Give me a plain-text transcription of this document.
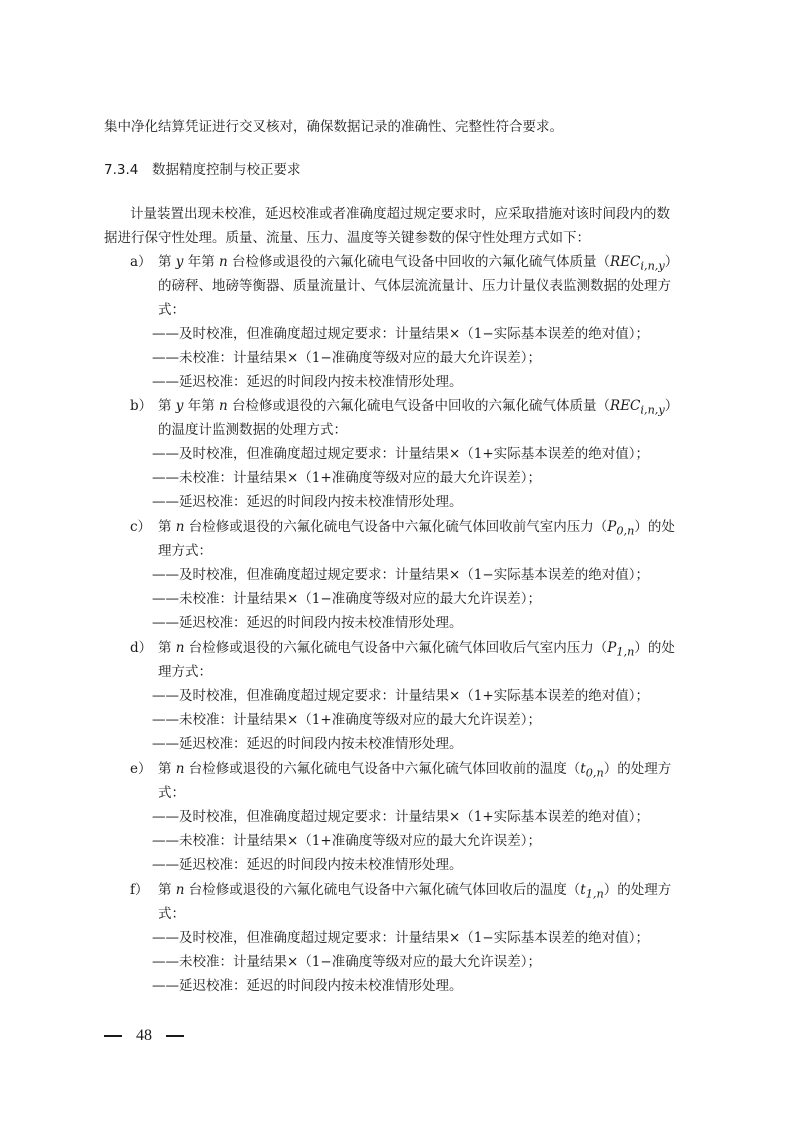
集中净化结算凭证进行交叉核对，确保数据记录的准确性、完整性符合要求。
7.3.4 数据精度控制与校正要求
计量装置出现未校准，延迟校准或者准确度超过规定要求时，应采取措施对该时间段内的数
据进行保守性处理。质量、流量、压力、温度等关键参数的保守性处理方式如下：
a） 第 y 年第 n 台检修或退役的六氟化硫电气设备中回收的六氟化硫气体质量$(REC_{i,n,y})$
的磅秤、地磅等衡器、质量流量计、气体层流流量计、压力计量仪表监测数据的处理方
式：
——及时校准，但准确度超过规定要求：计量结果×（1−实际基本误差的绝对值）；
——未校准：计量结果×（1−准确度等级对应的最大允许误差）；
——延迟校准：延迟的时间段内按未校准情形处理。
b） 第 y 年第 n 台检修或退役的六氟化硫电气设备中回收的六氟化硫气体质量$(REC_{i,n,y})$
的温度计监测数据的处理方式：
——及时校准，但准确度超过规定要求：计量结果×（1+实际基本误差的绝对值）；
——未校准：计量结果×（1+准确度等级对应的最大允许误差）；
——延迟校准：延迟的时间段内按未校准情形处理。
c） 第 n 台检修或退役的六氟化硫电气设备中六氟化硫气体回收前气室内压力$(P_{0,n})$的处
理方式：
——及时校准，但准确度超过规定要求：计量结果×（1−实际基本误差的绝对值）；
——未校准：计量结果×（1−准确度等级对应的最大允许误差）；
——延迟校准：延迟的时间段内按未校准情形处理。
d） 第 n 台检修或退役的六氟化硫电气设备中六氟化硫气体回收后气室内压力$(P_{1,n})$的处
理方式：
——及时校准，但准确度超过规定要求：计量结果×（1+实际基本误差的绝对值）；
——未校准：计量结果×（1+准确度等级对应的最大允许误差）；
——延迟校准：延迟的时间段内按未校准情形处理。
e） 第 n 台检修或退役的六氟化硫电气设备中六氟化硫气体回收前的温度$(t_{0,n})$的处理方
式：
——及时校准，但准确度超过规定要求：计量结果×（1+实际基本误差的绝对值）；
——未校准：计量结果×（1+准确度等级对应的最大允许误差）；
——延迟校准：延迟的时间段内按未校准情形处理。
f） 第 n 台检修或退役的六氟化硫电气设备中六氟化硫气体回收后的温度$(t_{1,n})$的处理方
式：
——及时校准，但准确度超过规定要求：计量结果×（1−实际基本误差的绝对值）；
——未校准：计量结果×（1−准确度等级对应的最大允许误差）；
——延迟校准：延迟的时间段内按未校准情形处理。
48
